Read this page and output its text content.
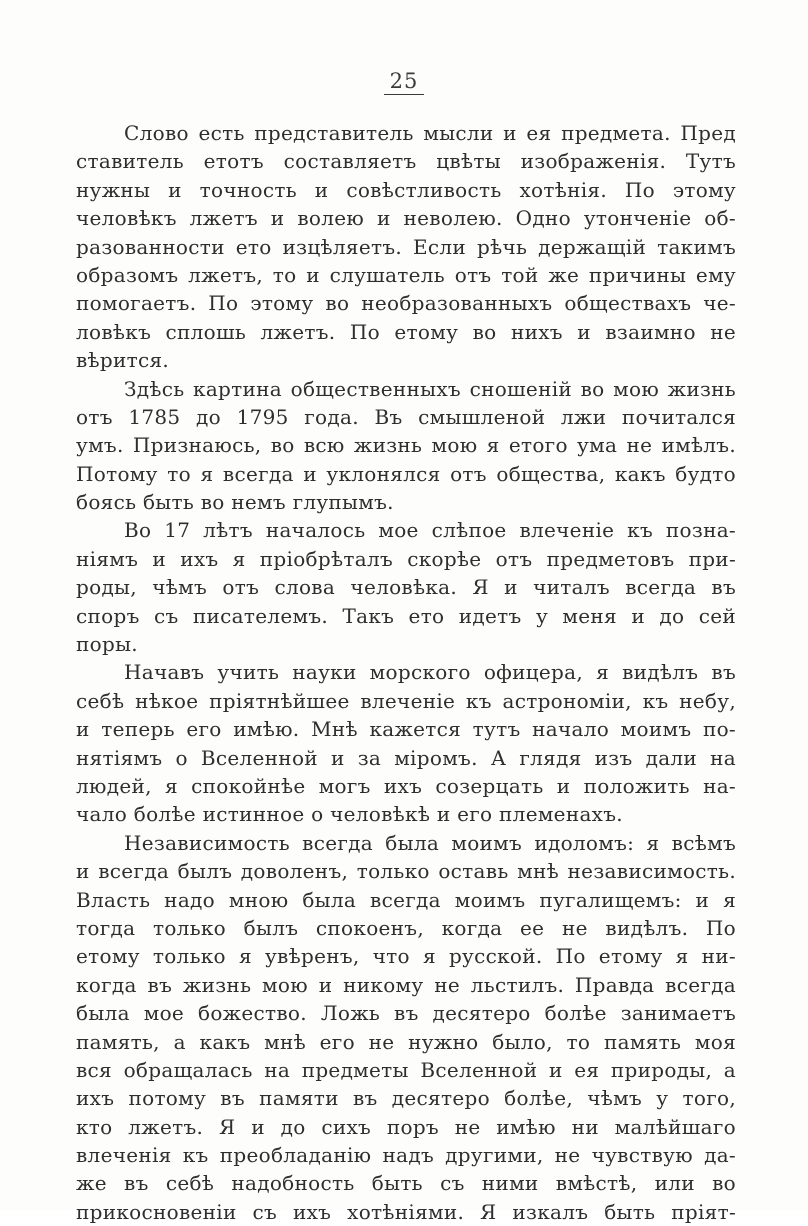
25
Слово есть представитель мысли и ея предмета. Пред
ставитель етотъ составляетъ цвѣты изображенія. Тутъ
нужны и точность и совѣстливость хотѣнія. По этому
человѣкъ лжетъ и волею и неволею. Одно утонченіе об-
разованности ето изцѣляетъ. Если рѣчь держащій такимъ
образомъ лжетъ, то и слушатель отъ той же причины ему
помогаетъ. По этому во необразованныхъ обществахъ че-
ловѣкъ сплошь лжетъ. По етому во нихъ и взаимно не
вѣрится.
Здѣсь картина общественныхъ сношеній во мою жизнь
отъ 1785 до 1795 года. Въ смышленой лжи почитался
умъ. Признаюсь, во всю жизнь мою я етого ума не имѣлъ.
Потому то я всегда и уклонялся отъ общества, какъ будто
боясь быть во немъ глупымъ.
Во 17 лѣтъ началось мое слѣпое влеченіе къ позна-
ніямъ и ихъ я пріобрѣталъ скорѣе отъ предметовъ при-
роды, чѣмъ отъ слова человѣка. Я и читалъ всегда въ
споръ съ писателемъ. Такъ ето идетъ у меня и до сей
поры.
Начавъ учить науки морского офицера, я видѣлъ въ
себѣ нѣкое пріятнѣйшее влеченіе къ астрономіи, къ небу,
и теперь его имѣю. Мнѣ кажется тутъ начало моимъ по-
нятіямъ о Вселенной и за міромъ. А глядя изъ дали на
людей, я спокойнѣе могъ ихъ созерцать и положить на-
чало болѣе истинное о человѣкѣ и его племенахъ.
Независимость всегда была моимъ идоломъ: я всѣмъ
и всегда былъ доволенъ, только оставь мнѣ независимость.
Власть надо мною была всегда моимъ пугалищемъ: и я
тогда только былъ спокоенъ, когда ее не видѣлъ. По
етому только я увѣренъ, что я русской. По етому я ни-
когда въ жизнь мою и никому не льстилъ. Правда всегда
была мое божество. Ложь въ десятеро болѣе занимаетъ
память, а какъ мнѣ его не нужно было, то память моя
вся обращалась на предметы Вселенной и ея природы, а
ихъ потому въ памяти въ десятеро болѣе, чѣмъ у того,
кто лжетъ. Я и до сихъ поръ не имѣю ни малѣйшаго
влеченія къ преобладанію надъ другими, не чувствую да-
же въ себѣ надобность быть съ ними вмѣстѣ, или во
прикосновеніи съ ихъ хотѣніями. Я изкалъ быть пріят-
